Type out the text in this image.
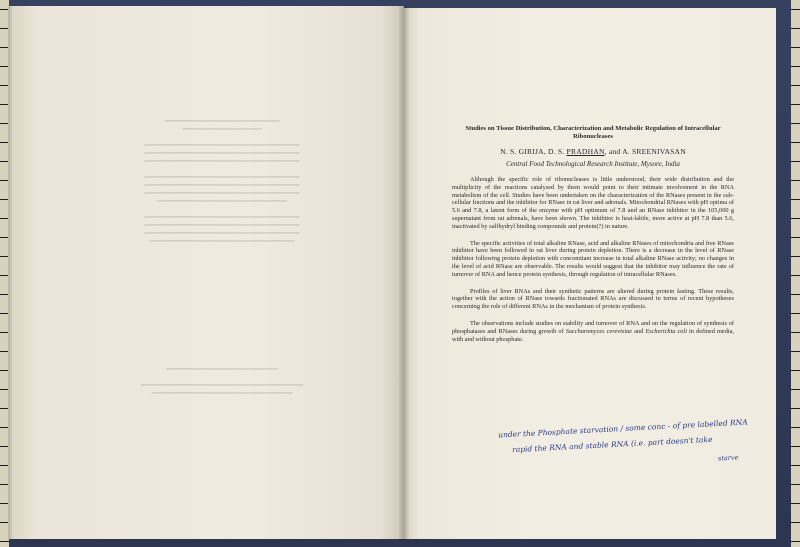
━━━━━━━━━━━━━━━━━━━━━━━━━━━━━━━━
━━━━━━━━━━━━━━━━━━━━━━

━━━━━━━━━━━━━━━━━━━━━━━━━━━━━━━━━━━━━━━━━━━
━━━━━━━━━━━━━━━━━━━━━━━━━━━━━━━━━━━━━━━━━━━
━━━━━━━━━━━━━━━━━━━━━━━━━━━━━━━━━━━━━━━━━━━

━━━━━━━━━━━━━━━━━━━━━━━━━━━━━━━━━━━━━━━━━━━
━━━━━━━━━━━━━━━━━━━━━━━━━━━━━━━━━━━━━━━━━━━
━━━━━━━━━━━━━━━━━━━━━━━━━━━━━━━━━━━━━━━━━━━
━━━━━━━━━━━━━━━━━━━━━━━━━━━━━━━━━━━━

━━━━━━━━━━━━━━━━━━━━━━━━━━━━━━━━━━━━━━━━━━━
━━━━━━━━━━━━━━━━━━━━━━━━━━━━━━━━━━━━━━━━━━━
━━━━━━━━━━━━━━━━━━━━━━━━━━━━━━━━━━━━━━━━━━━
━━━━━━━━━━━━━━━━━━━━━━━━━━━━━━━━━━━━━━━━

━━━━━━━━━━━━━━━━━━━━━━━━━━━━━━━

━━━━━━━━━━━━━━━━━━━━━━━━━━━━━━━━━━━━━━━━━━━━━
━━━━━━━━━━━━━━━━━━━━━━━━━━━━━━━━━━━━━━━

Studies on Tissue Distribution, Characterization and Metabolic Regulation of Intracellular Ribonucleases

N. S. GIRIJA, D. S. PRADHAN, and A. SREENIVASAN

Central Food Technological Research Institute, Mysore, India

Although the specific role of ribonucleases is little understood, their wide distribution and the multiplicity of the reactions catalysed by them would point to their intimate involvement in the RNA metabolism of the cell. Studies have been undertaken on the characterization of the RNases present in the sub-cellular fractions and the inhibitor for RNase in rat liver and adrenals. Mitochondrial RNases with pH optima of 5.6 and 7.8, a latent form of the enzyme with pH optimum of 7.8 and an RNase inhibitor in the 105,000 g supernatant from rat adrenals, have been shown. The inhibitor is heat-labile, more active at pH 7.8 than 5.6, inactivated by sulfhydryl binding compounds and protein(?) in nature.

The specific activities of total alkaline RNase, acid and alkaline RNases of mitochondria and free RNase inhibitor have been followed in rat liver during protein depletion. There is a decrease in the level of RNase inhibitor following protein depletion with concomitant increase in total alkaline RNase activity; no changes in the level of acid RNase are observable. The results would suggest that the inhibitor may influence the rate of turnover of RNA and hence protein synthesis, through regulation of intracellular RNases.

Profiles of liver RNAs and their synthetic patterns are altered during protein fasting. These results, together with the action of RNase towards fractionated RNAs are discussed in terms of recent hypotheses concerning the role of different RNAs in the mechanism of protein synthesis.

The observations include studies on stability and turnover of RNA and on the regulation of synthesis of phosphatases and RNases during growth of Saccharomyces cerevisiae and Escherichia coli in defined media, with and without phosphate.

under the Phosphate starvation / some conc - of pre labelled RNA
rapid the RNA and stable RNA (i.e. part doesn't take
starve
